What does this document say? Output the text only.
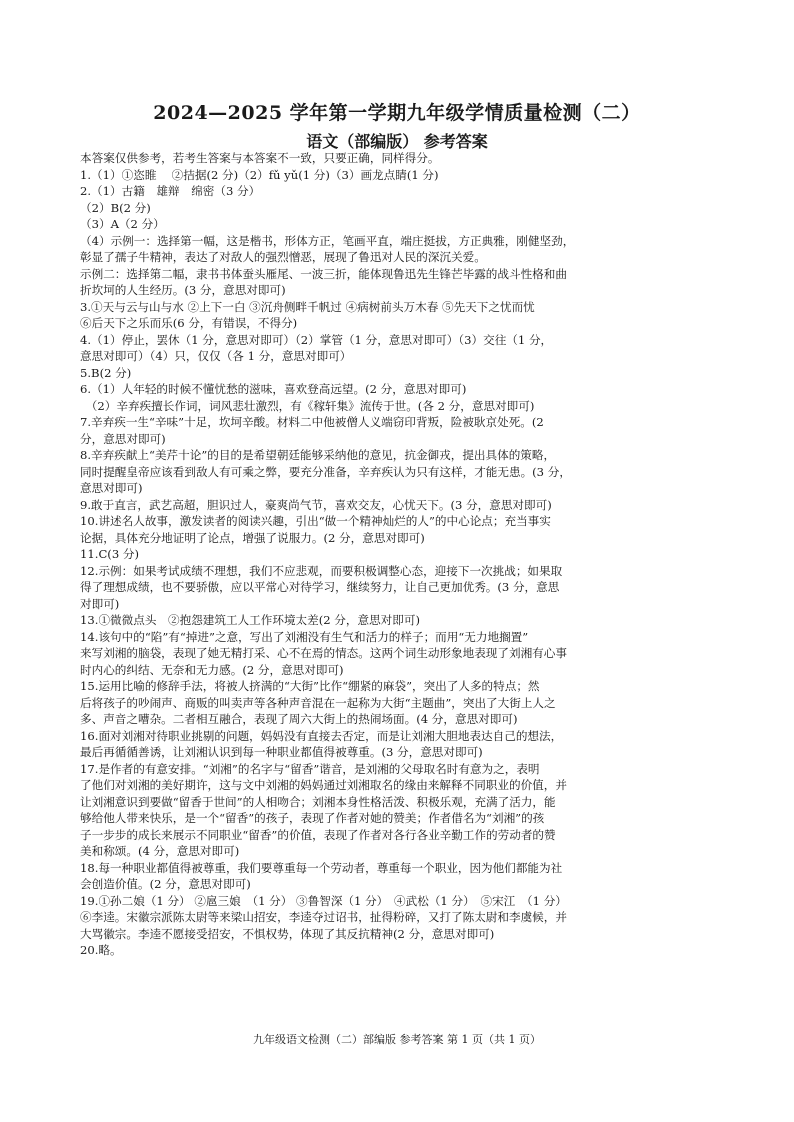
2024—2025 学年第一学期九年级学情质量检测（二）
语文（部编版） 参考答案
本答案仅供参考，若考生答案与本答案不一致，只要正确，同样得分。
1.（1）①恣睢　 ②拮据(2 分)（2）fǔ yǔ(1 分)（3）画龙点睛(1 分)
2.（1）古籍　雄辩　绵密（3 分）
（2）B(2 分)
（3）A（2 分）
（4）示例一：选择第一幅，这是楷书，形体方正，笔画平直，端庄挺拔，方正典雅，刚健坚劲，
彰显了孺子牛精神，表达了对敌人的强烈憎恶，展现了鲁迅对人民的深沉关爱。
示例二：选择第二幅，隶书书体蚕头雁尾、一波三折，能体现鲁迅先生锋芒毕露的战斗性格和曲
折坎坷的人生经历。(3 分，意思对即可)
3.①天与云与山与水 ②上下一白 ③沉舟侧畔千帆过 ④病树前头万木春 ⑤先天下之忧而忧
⑥后天下之乐而乐(6 分，有错误，不得分)
4.（1）停止，罢休（1 分，意思对即可）（2）掌管（1 分，意思对即可）（3）交往（1 分，
意思对即可）（4）只，仅仅（各 1 分，意思对即可）
5.B(2 分)
6.（1）人年轻的时候不懂忧愁的滋味，喜欢登高远望。(2 分，意思对即可)
　（2）辛弃疾擅长作词，词风悲壮激烈，有《稼轩集》流传于世。(各 2 分，意思对即可)
7.辛弃疾一生“辛味”十足，坎坷辛酸。材料二中他被僧人义端窃印背叛，险被耿京处死。(2
分，意思对即可)
8.辛弃疾献上“美芹十论”的目的是希望朝廷能够采纳他的意见，抗金御戎，提出具体的策略，
同时提醒皇帝应该看到敌人有可乘之弊，要充分准备，辛弃疾认为只有这样，才能无患。(3 分，
意思对即可)
9.敢于直言，武艺高超，胆识过人，豪爽尚气节，喜欢交友，心忧天下。(3 分，意思对即可)
10.讲述名人故事，激发读者的阅读兴趣，引出“做一个精神灿烂的人”的中心论点；充当事实
论据，具体充分地证明了论点，增强了说服力。(2 分，意思对即可)
11.C(3 分)
12.示例：如果考试成绩不理想，我们不应悲观，而要积极调整心态，迎接下一次挑战；如果取
得了理想成绩，也不要骄傲，应以平常心对待学习，继续努力，让自己更加优秀。(3 分，意思
对即可)
13.①微微点头　②抱怨建筑工人工作环境太差(2 分，意思对即可)
14.该句中的“陷”有“掉进”之意，写出了刘湘没有生气和活力的样子；而用“无力地搁置”
来写刘湘的脑袋，表现了她无精打采、心不在焉的情态。这两个词生动形象地表现了刘湘有心事
时内心的纠结、无奈和无力感。(2 分，意思对即可)
15.运用比喻的修辞手法，将被人挤满的“大街”比作“绷紧的麻袋”，突出了人多的特点；然
后将孩子的吵闹声、商贩的叫卖声等各种声音混在一起称为大街“主题曲”，突出了大街上人之
多、声音之嘈杂。二者相互融合，表现了周六大街上的热闹场面。(4 分，意思对即可)
16.面对刘湘对待职业挑剔的问题，妈妈没有直接去否定，而是让刘湘大胆地表达自己的想法，
最后再循循善诱，让刘湘认识到每一种职业都值得被尊重。(3 分，意思对即可)
17.是作者的有意安排。“刘湘”的名字与“留香”谐音，是刘湘的父母取名时有意为之，表明
了他们对刘湘的美好期许，这与文中刘湘的妈妈通过刘湘取名的缘由来解释不同职业的价值，并
让刘湘意识到要做“留香于世间”的人相吻合；刘湘本身性格活泼、积极乐观，充满了活力，能
够给他人带来快乐，是一个“留香”的孩子，表现了作者对她的赞美；作者借名为“刘湘”的孩
子一步步的成长来展示不同职业“留香”的价值，表现了作者对各行各业辛勤工作的劳动者的赞
美和称颂。(4 分，意思对即可)
18.每一种职业都值得被尊重，我们要尊重每一个劳动者，尊重每一个职业，因为他们都能为社
会创造价值。(2 分，意思对即可)
19.①孙二娘（1 分） ②扈三娘　（1 分） ③鲁智深（1 分）　④武松（1 分）　⑤宋江　（1 分）
⑥李逵。宋徽宗派陈太尉等来梁山招安，李逵夺过诏书，扯得粉碎，又打了陈太尉和李虞候，并
大骂徽宗。李逵不愿接受招安，不惧权势，体现了其反抗精神(2 分，意思对即可)
20.略。
九年级语文检测（二）部编版 参考答案 第 1 页（共 1 页）
